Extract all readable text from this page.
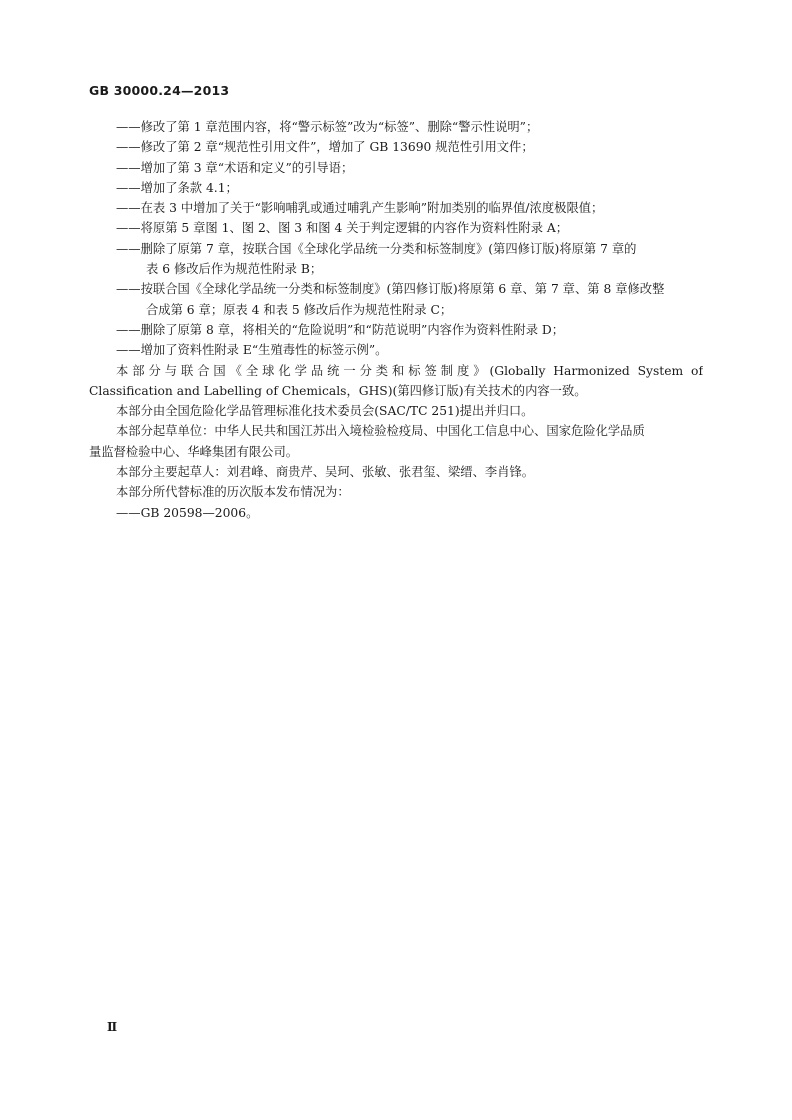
GB 30000.24—2013
——修改了第 1 章范围内容，将“警示标签”改为“标签”、删除“警示性说明”；
——修改了第 2 章“规范性引用文件”，增加了 GB 13690 规范性引用文件；
——增加了第 3 章“术语和定义”的引导语；
——增加了条款 4.1；
——在表 3 中增加了关于“影响哺乳或通过哺乳产生影响”附加类别的临界值/浓度极限值；
——将原第 5 章图 1、图 2、图 3 和图 4 关于判定逻辑的内容作为资料性附录 A；
——删除了原第 7 章，按联合国《全球化学品统一分类和标签制度》(第四修订版)将原第 7 章的
表 6 修改后作为规范性附录 B；
——按联合国《全球化学品统一分类和标签制度》(第四修订版)将原第 6 章、第 7 章、第 8 章修改整
合成第 6 章；原表 4 和表 5 修改后作为规范性附录 C；
——删除了原第 8 章，将相关的“危险说明”和“防范说明”内容作为资料性附录 D；
——增加了资料性附录 E“生殖毒性的标签示例”。
本部分与联合国《全球化学品统一分类和标签制度》(Globally Harmonized System of
Classification and Labelling of Chemicals，GHS)(第四修订版)有关技术的内容一致。
本部分由全国危险化学品管理标准化技术委员会(SAC/TC 251)提出并归口。
本部分起草单位：中华人民共和国江苏出入境检验检疫局、中国化工信息中心、国家危险化学品质
量监督检验中心、华峰集团有限公司。
本部分主要起草人：刘君峰、商贵芹、吴珂、张敏、张君玺、梁缙、李肖锋。
本部分所代替标准的历次版本发布情况为：
——GB 20598—2006。
Ⅱ
